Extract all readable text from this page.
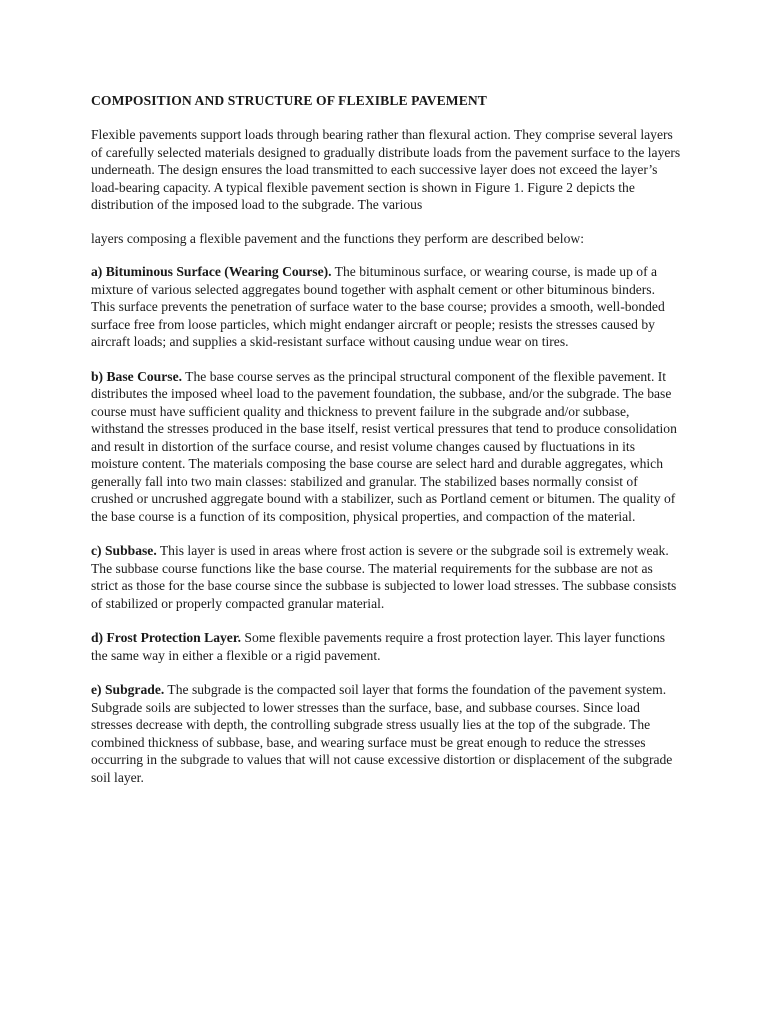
COMPOSITION AND STRUCTURE OF FLEXIBLE PAVEMENT

Flexible pavements support loads through bearing rather than flexural action. They comprise several layers of carefully selected materials designed to gradually distribute loads from the pavement surface to the layers underneath. The design ensures the load transmitted to each successive layer does not exceed the layer’s load-bearing capacity. A typical flexible pavement section is shown in Figure 1. Figure 2 depicts the distribution of the imposed load to the subgrade. The various

layers composing a flexible pavement and the functions they perform are described below:

a) Bituminous Surface (Wearing Course). The bituminous surface, or wearing course, is made up of a mixture of various selected aggregates bound together with asphalt cement or other bituminous binders. This surface prevents the penetration of surface water to the base course; provides a smooth, well-bonded surface free from loose particles, which might endanger aircraft or people; resists the stresses caused by aircraft loads; and supplies a skid-resistant surface without causing undue wear on tires.

b) Base Course. The base course serves as the principal structural component of the flexible pavement. It distributes the imposed wheel load to the pavement foundation, the subbase, and/or the subgrade. The base course must have sufficient quality and thickness to prevent failure in the subgrade and/or subbase, withstand the stresses produced in the base itself, resist vertical pressures that tend to produce consolidation and result in distortion of the surface course, and resist volume changes caused by fluctuations in its moisture content. The materials composing the base course are select hard and durable aggregates, which generally fall into two main classes: stabilized and granular. The stabilized bases normally consist of crushed or uncrushed aggregate bound with a stabilizer, such as Portland cement or bitumen. The quality of the base course is a function of its composition, physical properties, and compaction of the material.

c) Subbase. This layer is used in areas where frost action is severe or the subgrade soil is extremely weak. The subbase course functions like the base course. The material requirements for the subbase are not as strict as those for the base course since the subbase is subjected to lower load stresses. The subbase consists of stabilized or properly compacted granular material.

d) Frost Protection Layer. Some flexible pavements require a frost protection layer. This layer functions the same way in either a flexible or a rigid pavement.

e) Subgrade. The subgrade is the compacted soil layer that forms the foundation of the pavement system. Subgrade soils are subjected to lower stresses than the surface, base, and subbase courses. Since load stresses decrease with depth, the controlling subgrade stress usually lies at the top of the subgrade. The combined thickness of subbase, base, and wearing surface must be great enough to reduce the stresses occurring in the subgrade to values that will not cause excessive distortion or displacement of the subgrade soil layer.
